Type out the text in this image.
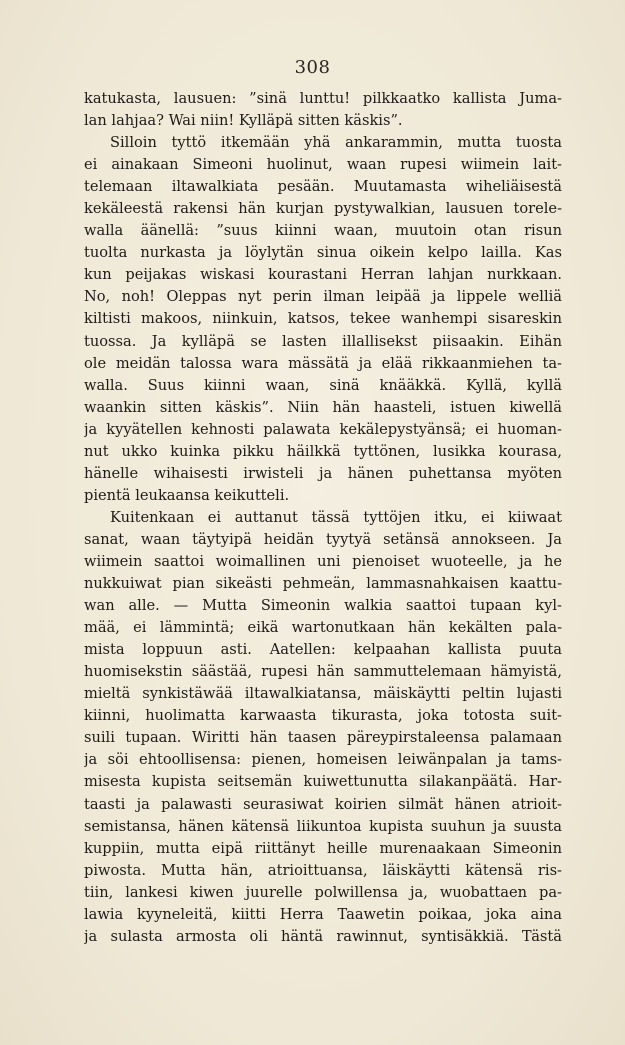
308
katukasta, lausuen: ”sinä lunttu! pilkkaatko kallista Juma-
lan lahjaa? Wai niin! Kylläpä sitten käskis”.
Silloin tyttö itkemään yhä ankarammin, mutta tuosta
ei ainakaan Simeoni huolinut, waan rupesi wiimein lait-
telemaan iltawalkiata pesään. Muutamasta wiheliäisestä
kekäleestä rakensi hän kurjan pystywalkian, lausuen torele-
walla äänellä: ”suus kiinni waan, muutoin otan risun
tuolta nurkasta ja löylytän sinua oikein kelpo lailla. Kas
kun peijakas wiskasi kourastani Herran lahjan nurkkaan.
No, noh! Oleppas nyt perin ilman leipää ja lippele welliä
kiltisti makoos, niinkuin, katsos, tekee wanhempi sisareskin
tuossa. Ja kylläpä se lasten illallisekst piisaakin. Eihän
ole meidän talossa wara mässätä ja elää rikkaanmiehen ta-
walla. Suus kiinni waan, sinä knääkkä. Kyllä, kyllä
waankin sitten käskis”. Niin hän haasteli, istuen kiwellä
ja kyyätellen kehnosti palawata kekälepystyänsä; ei huoman-
nut ukko kuinka pikku häilkkä tyttönen, lusikka kourasa,
hänelle wihaisesti irwisteli ja hänen puhettansa myöten
pientä leukaansa keikutteli.
Kuitenkaan ei auttanut tässä tyttöjen itku, ei kiiwaat
sanat, waan täytyipä heidän tyytyä setänsä annokseen. Ja
wiimein saattoi woimallinen uni pienoiset wuoteelle, ja he
nukkuiwat pian sikeästi pehmeän, lammasnahkaisen kaattu-
wan alle. — Mutta Simeonin walkia saattoi tupaan kyl-
mää, ei lämmintä; eikä wartonutkaan hän kekälten pala-
mista loppuun asti. Aatellen: kelpaahan kallista puuta
huomisekstin säästää, rupesi hän sammuttelemaan hämyistä,
mieltä synkistäwää iltawalkiatansa, mäiskäytti peltin lujasti
kiinni, huolimatta karwaasta tikurasta, joka totosta suit-
suili tupaan. Wiritti hän taasen päreypirstaleensa palamaan
ja söi ehtoollisensa: pienen, homeisen leiwänpalan ja tams-
misesta kupista seitsemän kuiwettunutta silakanpäätä. Har-
taasti ja palawasti seurasiwat koirien silmät hänen atrioit-
semistansa, hänen kätensä liikuntoa kupista suuhun ja suusta
kuppiin, mutta eipä riittänyt heille murenaakaan Simeonin
piwosta. Mutta hän, atrioittuansa, läiskäytti kätensä ris-
tiin, lankesi kiwen juurelle polwillensa ja, wuobattaen pa-
lawia kyyneleitä, kiitti Herra Taawetin poikaa, joka aina
ja sulasta armosta oli häntä rawinnut, syntisäkkiä. Tästä
